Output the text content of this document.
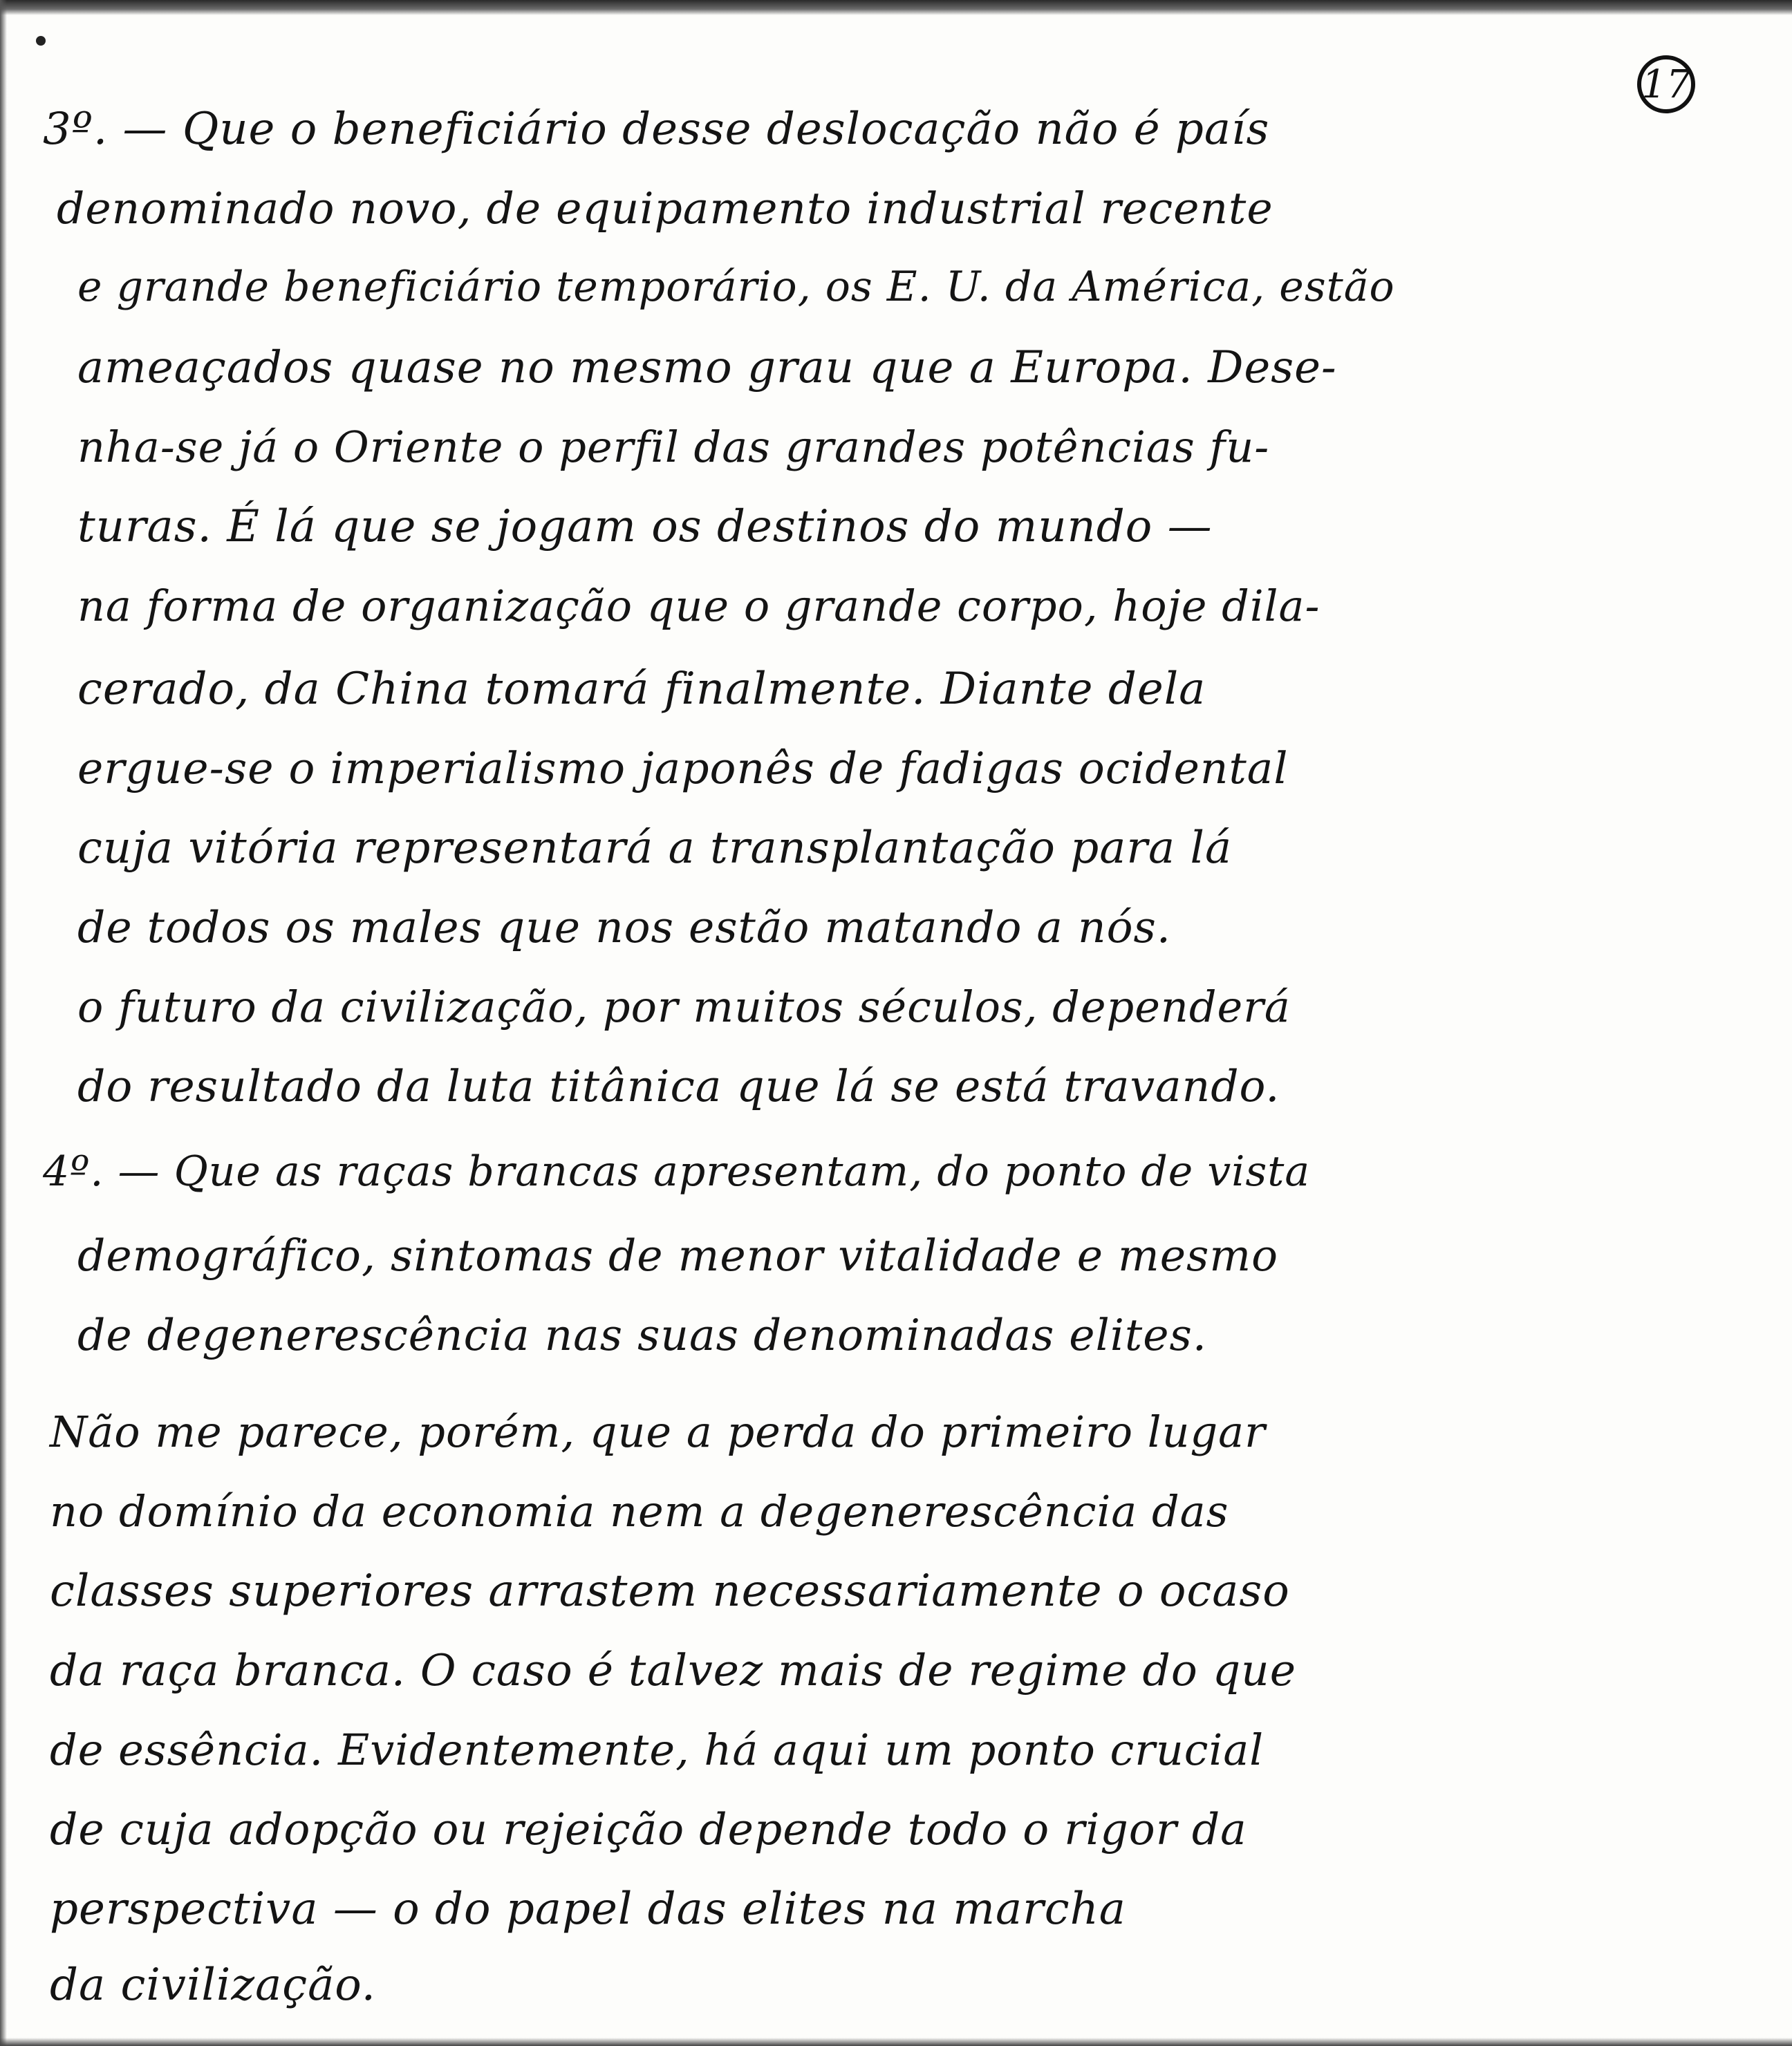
17
3º. — Que o beneficiário desse deslocação não é país
denominado novo, de equipamento industrial recente
e grande beneficiário temporário, os E. U. da América, estão
ameaçados quase no mesmo grau que a Europa. Dese-
nha-se já o Oriente o perfil das grandes potências fu-
turas. É lá que se jogam os destinos do mundo —
na forma de organização que o grande corpo, hoje dila-
cerado, da China tomará finalmente. Diante dela
ergue-se o imperialismo japonês de fadigas ocidental
cuja vitória representará a transplantação para lá
de todos os males que nos estão matando a nós.
o futuro da civilização, por muitos séculos, dependerá
do resultado da luta titânica que lá se está travando.
4º. — Que as raças brancas apresentam, do ponto de vista
demográfico, sintomas de menor vitalidade e mesmo
de degenerescência nas suas denominadas elites.
Não me parece, porém, que a perda do primeiro lugar
no domínio da economia nem a degenerescência das
classes superiores arrastem necessariamente o ocaso
da raça branca. O caso é talvez mais de regime do que
de essência. Evidentemente, há aqui um ponto crucial
de cuja adopção ou rejeição depende todo o rigor da
perspectiva — o do papel das elites na marcha
da civilização.
